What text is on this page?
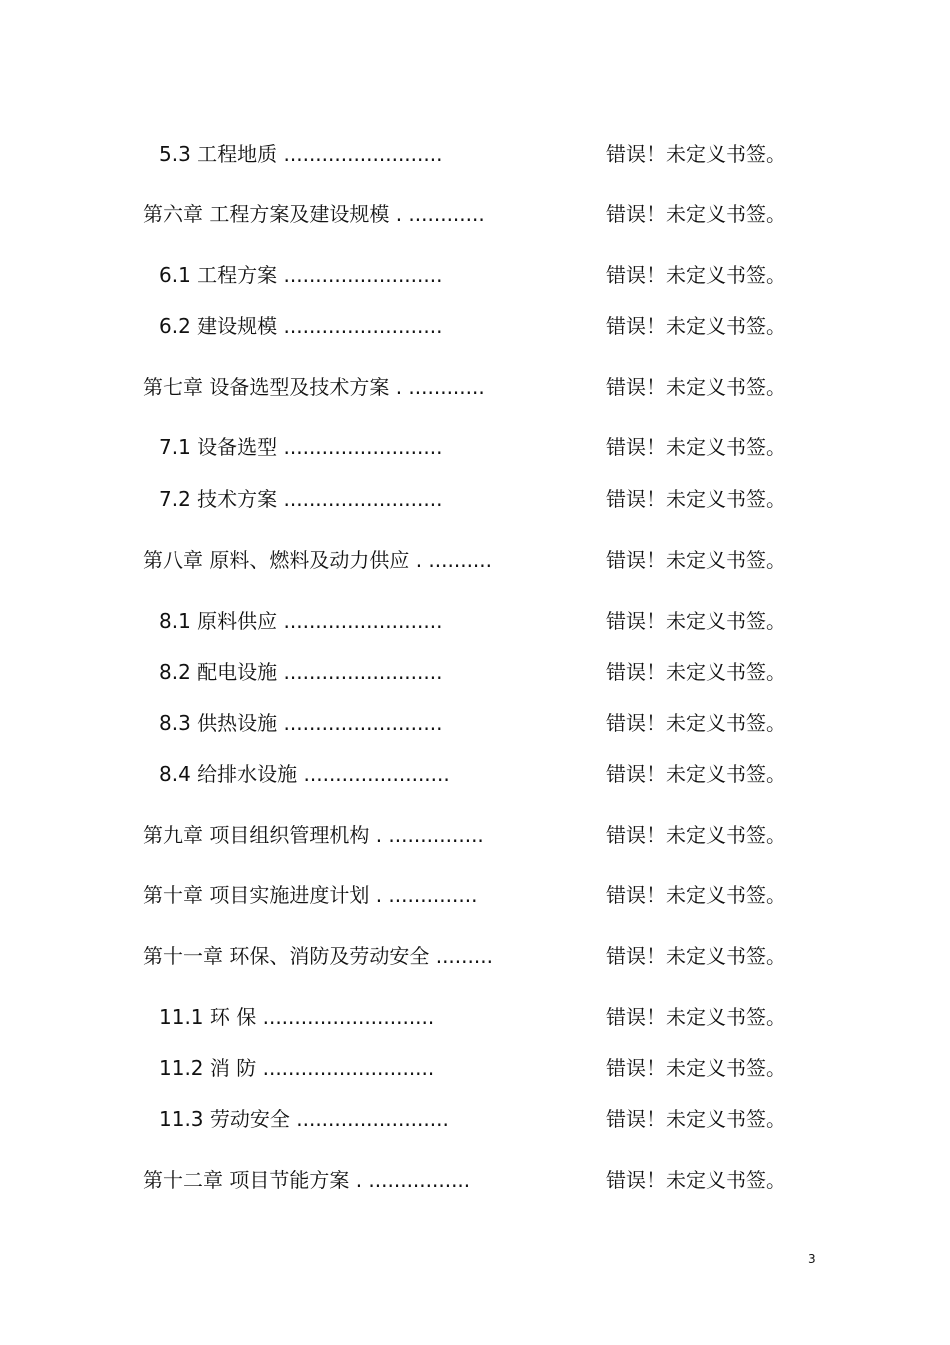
5.3 工程地质 .........................	错误！未定义书签。
第六章 工程方案及建设规模 . ............	错误！未定义书签。
6.1 工程方案 .........................	错误！未定义书签。
6.2 建设规模 .........................	错误！未定义书签。
第七章 设备选型及技术方案 . ............	错误！未定义书签。
7.1 设备选型 .........................	错误！未定义书签。
7.2 技术方案 .........................	错误！未定义书签。
第八章 原料、燃料及动力供应 . ..........	错误！未定义书签。
8.1 原料供应 .........................	错误！未定义书签。
8.2 配电设施 .........................	错误！未定义书签。
8.3 供热设施 .........................	错误！未定义书签。
8.4 给排水设施 .......................	错误！未定义书签。
第九章 项目组织管理机构 . ...............	错误！未定义书签。
第十章 项目实施进度计划 . ..............	错误！未定义书签。
第十一章 环保、消防及劳动安全 .........	错误！未定义书签。
11.1 环 保 ...........................	错误！未定义书签。
11.2 消 防 ...........................	错误！未定义书签。
11.3 劳动安全 ........................	错误！未定义书签。
第十二章 项目节能方案 . ................	错误！未定义书签。
3
